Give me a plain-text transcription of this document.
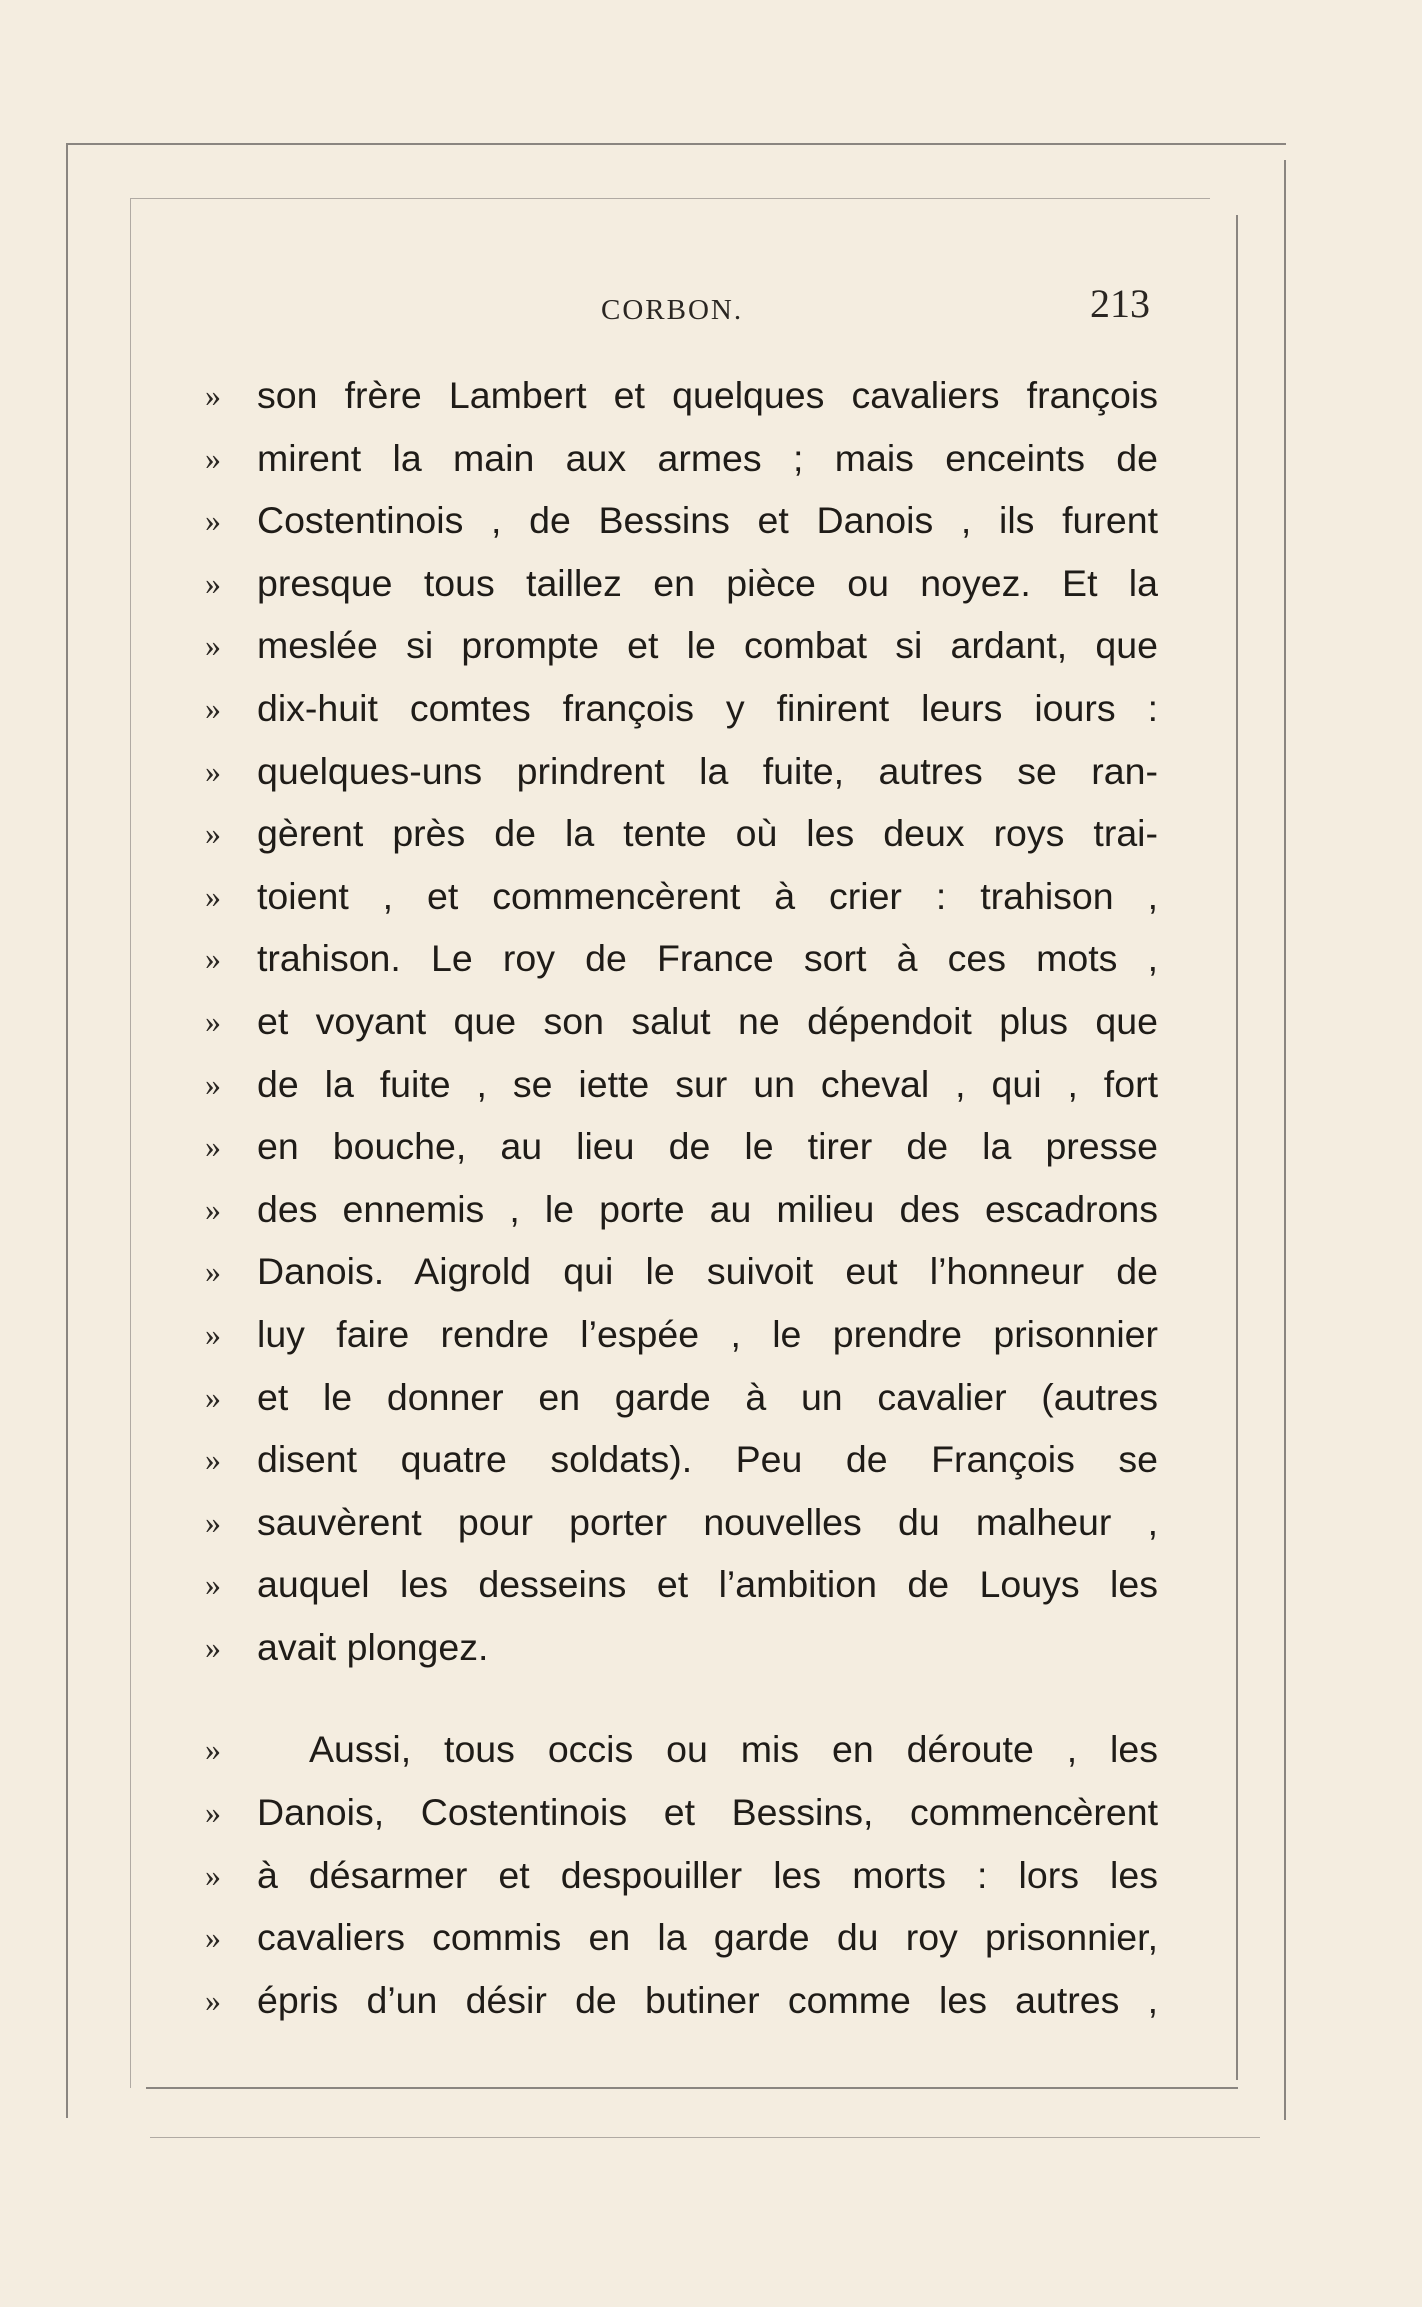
CORBON.	213
» son frère Lambert et quelques cavaliers françois
» mirent la main aux armes ; mais enceints de
» Costentinois , de Bessins et Danois , ils furent
» presque tous taillez en pièce ou noyez. Et la
» meslée si prompte et le combat si ardant, que
» dix-huit comtes françois y finirent leurs iours :
» quelques-uns prindrent la fuite, autres se ran-
» gèrent près de la tente où les deux roys trai-
» toient , et commencèrent à crier : trahison ,
» trahison. Le roy de France sort à ces mots ,
» et voyant que son salut ne dépendoit plus que
» de la fuite , se iette sur un cheval , qui , fort
» en bouche, au lieu de le tirer de la presse
» des ennemis , le porte au milieu des escadrons
» Danois. Aigrold qui le suivoit eut l’honneur de
» luy faire rendre l’espée , le prendre prisonnier
» et le donner en garde à un cavalier (autres
» disent quatre soldats). Peu de François se
» sauvèrent pour porter nouvelles du malheur ,
» auquel les desseins et l’ambition de Louys les
» avait plongez.
»	Aussi, tous occis ou mis en déroute , les
» Danois, Costentinois et Bessins, commencèrent
» à désarmer et despouiller les morts : lors les
» cavaliers commis en la garde du roy prisonnier,
» épris d’un désir de butiner comme les autres ,
